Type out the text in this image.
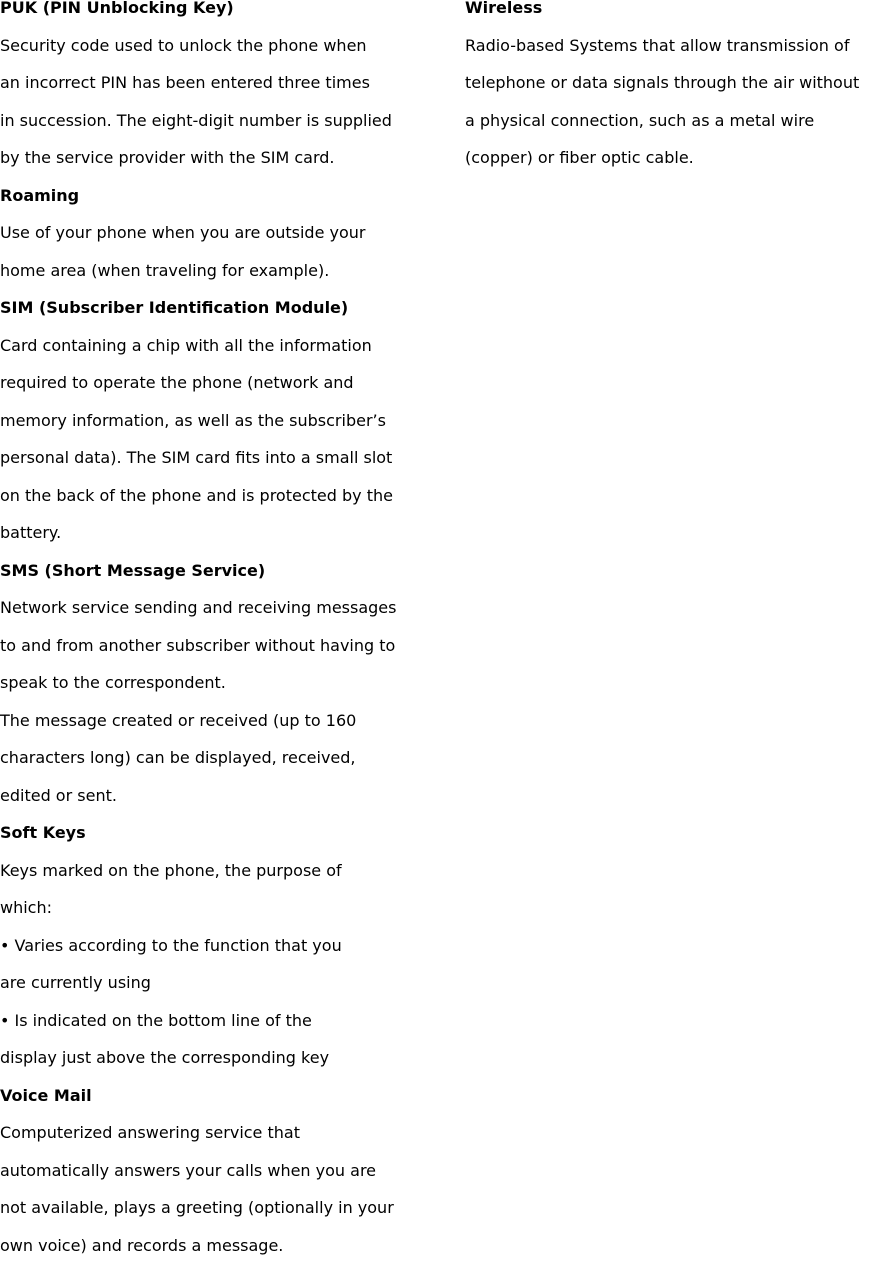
PUK (PIN Unblocking Key)
Security code used to unlock the phone when
an incorrect PIN has been entered three times
in succession. The eight-digit number is supplied
by the service provider with the SIM card.
Roaming
Use of your phone when you are outside your
home area (when traveling for example).
SIM (Subscriber Identification Module)
Card containing a chip with all the information
required to operate the phone (network and
memory information, as well as the subscriber’s
personal data). The SIM card fits into a small slot
on the back of the phone and is protected by the
battery.
SMS (Short Message Service)
Network service sending and receiving messages
to and from another subscriber without having to
speak to the correspondent.
The message created or received (up to 160
characters long) can be displayed, received,
edited or sent.
Soft Keys
Keys marked on the phone, the purpose of
which:
• Varies according to the function that you
are currently using
• Is indicated on the bottom line of the
display just above the corresponding key
Voice Mail
Computerized answering service that
automatically answers your calls when you are
not available, plays a greeting (optionally in your
own voice) and records a message.
Wireless
Radio-based Systems that allow transmission of
telephone or data signals through the air without
a physical connection, such as a metal wire
(copper) or fiber optic cable.
